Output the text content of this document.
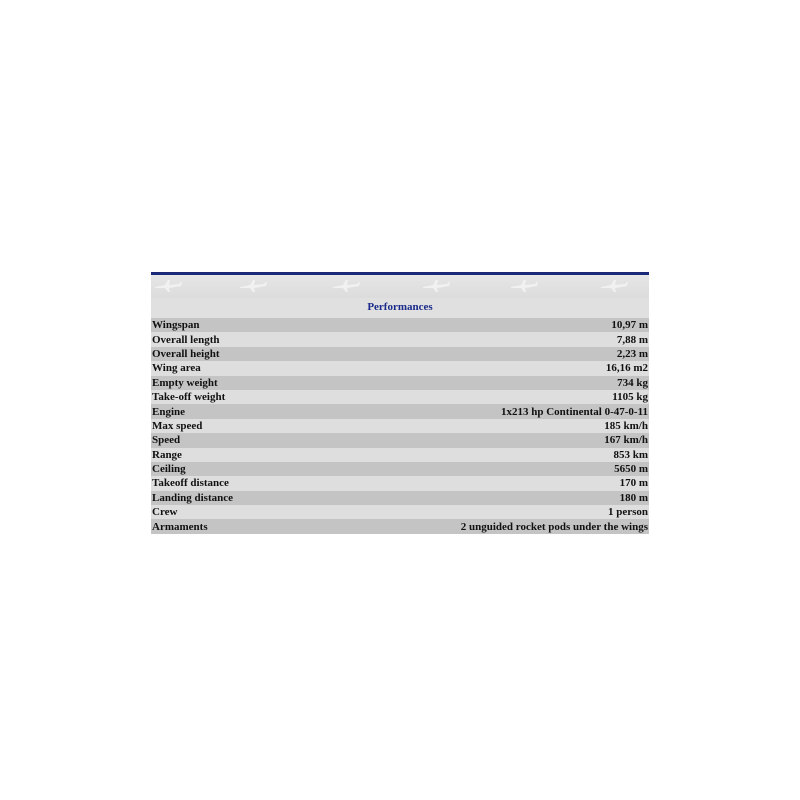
Performances
Wingspan	10,97 m
Overall length	7,88 m
Overall height	2,23 m
Wing area	16,16 m2
Empty weight	734 kg
Take-off weight	1105 kg
Engine	1x213 hp Continental 0-47-0-11
Max speed	185 km/h
Speed	167 km/h
Range	853 km
Ceiling	5650 m
Takeoff distance	170 m
Landing distance	180 m
Crew	1 person
Armaments	2 unguided rocket pods under the wings
